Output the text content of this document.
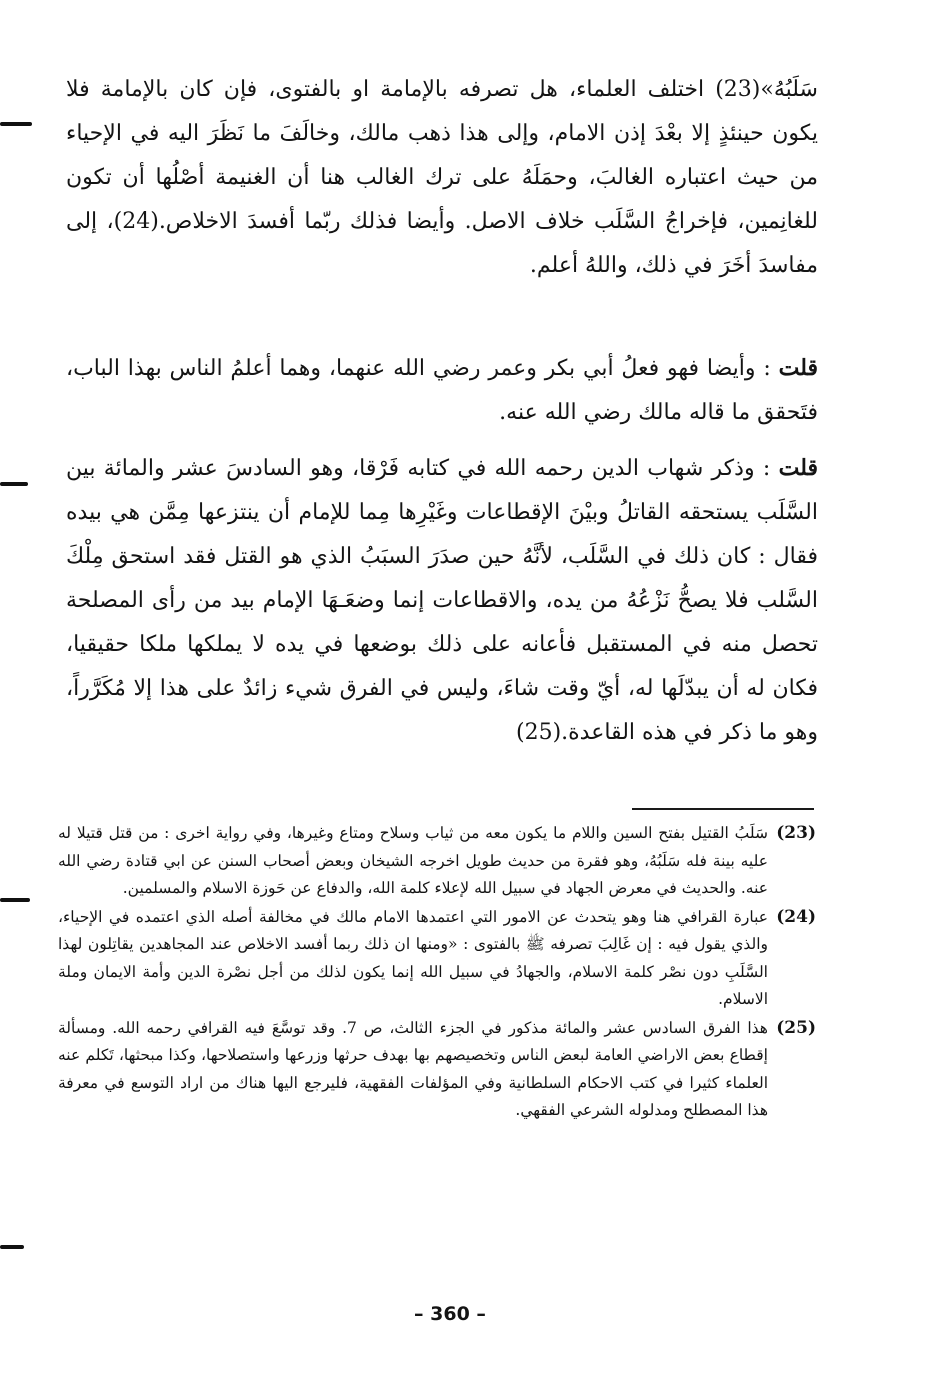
سَلَبُهُ»(23) اختلف العلماء، هل تصرفه بالإمامة او بالفتوى، فإن كان بالإمامة فلا يكون حينئذٍ إلا بعْدَ إذن الامام، وإلى هذا ذهب مالك، وخالَفَ ما نَظَرَ اليه في الإحياء من حيث اعتباره الغالبَ، وحمَلَهُ على ترك الغالب هنا أن الغنيمة أصْلُها أن تكون للغانِمين، فإخراجُ السَّلَب خلاف الاصل. وأيضا فذلك ربّما أفسدَ الاخلاص.(24)، إلى مفاسدَ أخَرَ في ذلك، واللهُ أعلم.

قلت : وأيضا فهو فعلُ أبي بكر وعمر رضي الله عنهما، وهما أعلمُ الناس بهذا الباب، فتَحقق ما قاله مالك رضي الله عنه.

قلت : وذكر شهاب الدين رحمه الله في كتابه فَرْقا، وهو السادسَ عشر والمائة بين السَّلَب يستحقه القاتلُ وبيْنَ الإقطاعات وغَيْرِها مِما للإمام أن ينتزعها مِمَّن هي بيده فقال : كان ذلك في السَّلَب، لأنَّهُ حين صدَرَ السبَبُ الذي هو القتل فقد استحق مِلْكَ السَّلب فلا يصحُّ نَزْعُهُ من يده، والاقطاعات إنما وضعَـهَا الإمام بيد من رأى المصلحة تحصل منه في المستقبل فأعانه على ذلك بوضعها في يده لا يملكها ملكا حقيقيا، فكان له أن يبدّلَها له، أيّ وقت شاءَ، وليس في الفرق شيء زائدٌ على هذا إلا مُكَرَّراً، وهو ما ذكر في هذه القاعدة.(25)

(23)
سَلَبُ القتيل بفتح السين واللام ما يكون معه من ثياب وسلاح ومتاع وغيرها، وفي رواية اخرى : من قتل قتيلا له عليه بينة فله سَلَبُهُ، وهو فقرة من حديث طويل اخرجه الشيخان وبعض أصحاب السنن عن ابي قتادة رضي الله عنه. والحديث في معرض الجهاد في سبيل الله لإعلاء كلمة الله، والدفاع عن حَوزة الاسلام والمسلمين.

(24)
عبارة القرافي هنا وهو يتحدث عن الامور التي اعتمدها الامام مالك في مخالفة أصله الذي اعتمده في الإحياء، والذي يقول فيه : إن غَالِبَ تصرفه ﷺ بالفتوى : «ومنها ان ذلك ربما أفسد الاخلاص عند المجاهدين يقاتِلون لهذا السَّلَبِ دون نصْر كلمة الاسلام، والجهادُ في سبيل الله إنما يكون لذلك من أجل نصْرة الدين وأمة الايمان وملة الاسلام.

(25)
هذا الفرق السادس عشر والمائة مذكور في الجزء الثالث، ص 7. وقد توسَّعَ فيه القرافي رحمه الله. ومسألة إقطاع بعض الاراضي العامة لبعض الناس وتخصيصهم بها بهدف حرثها وزرعها واستصلاحها، وكذا مبحثها، تَكلم عنه العلماء كثيرا في كتب الاحكام السلطانية وفي المؤلفات الفقهية، فليرجع اليها هناك من اراد التوسع في معرفة هذا المصطلح ومدلوله الشرعي الفقهي.

– 360 –
